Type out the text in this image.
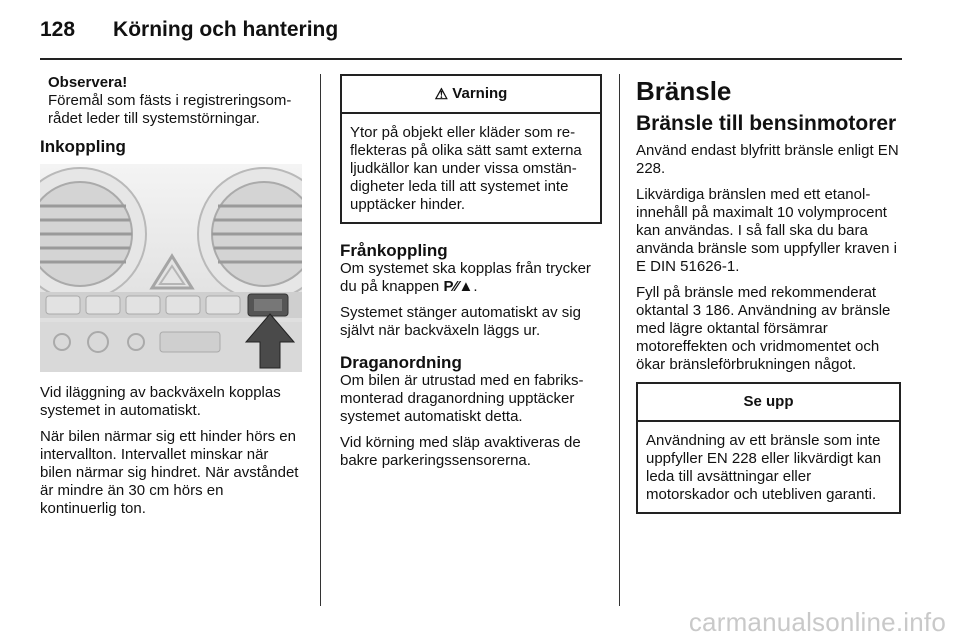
128 Körning och hantering
Observera!
Föremål som fästs i registreringsområdet leder till systemstörningar.
Inkoppling

Vid iläggning av backväxeln kopplas systemet in automatiskt.

När bilen närmar sig ett hinder hörs en intervallton. Intervallet minskar när bilen närmar sig hindret. När avståndet är mindre än 30 cm hörs en kontinuerlig ton.

⚠ Varning
Ytor på objekt eller kläder som reflekteras på olika sätt samt externa ljudkällor kan under vissa omständigheter leda till att systemet inte upptäcker hinder.
Frånkoppling

Om systemet ska kopplas från trycker du på knappen P⁄⁄▲.

Systemet stänger automatiskt av sig självt när backväxeln läggs ur.

Draganordning

Om bilen är utrustad med en fabriksmonterad draganordning upptäcker systemet automatiskt detta.

Vid körning med släp avaktiveras de bakre parkeringssensorerna.

Bränsle
Bränsle till bensinmotorer

Använd endast blyfritt bränsle enligt EN 228.

Likvärdiga bränslen med ett etanolinnehåll på maximalt 10 volymprocent kan användas. I så fall ska du bara använda bränsle som uppfyller kraven i E DIN 51626-1.

Fyll på bränsle med rekommenderat oktantal 3 186. Användning av bränsle med lägre oktantal försämrar motoreffekten och vridmomentet och ökar bränsleförbrukningen något.

Se upp
Användning av ett bränsle som inte uppfyller EN 228 eller likvärdigt kan leda till avsättningar eller motorskador och utebliven garanti.
carmanualsonline.info
